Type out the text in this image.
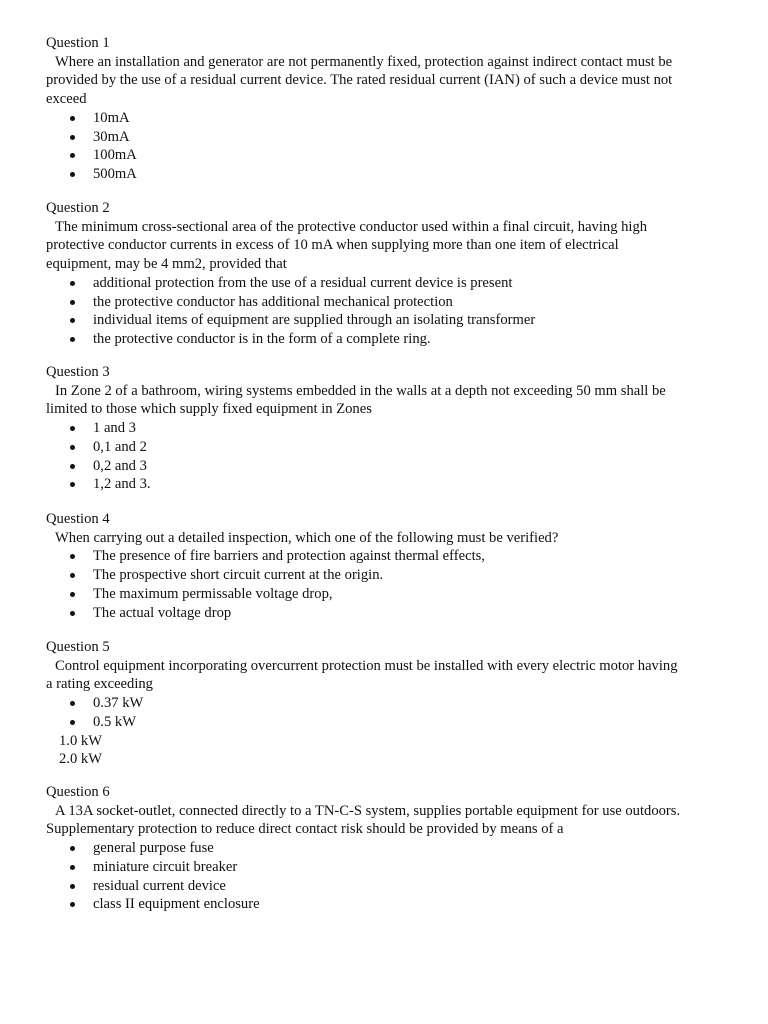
Question 1
Where an installation and generator are not permanently fixed, protection against indirect contact must be
provided by the use of a residual current device. The rated residual current (IAN) of such a device must not
exceed
10mA
30mA
100mA
500mA
Question 2
The minimum cross-sectional area of the protective conductor used within a final circuit, having high
protective conductor currents in excess of 10 mA when supplying more than one item of electrical
equipment, may be 4 mm2, provided that
additional protection from the use of a residual current device is present
the protective conductor has additional mechanical protection
individual items of equipment are supplied through an isolating transformer
the protective conductor is in the form of a complete ring.
Question 3
In Zone 2 of a bathroom, wiring systems embedded in the walls at a depth not exceeding 50 mm shall be
limited to those which supply fixed equipment in Zones
1 and 3
0,1 and 2
0,2 and 3
1,2 and 3.
Question 4
When carrying out a detailed inspection, which one of the following must be verified?
The presence of fire barriers and protection against thermal effects,
The prospective short circuit current at the origin.
The maximum permissable voltage drop,
The actual voltage drop
Question 5
Control equipment incorporating overcurrent protection must be installed with every electric motor having
a rating exceeding
0.37 kW
0.5 kW
1.0 kW
2.0 kW
Question 6
A 13A socket-outlet, connected directly to a TN-C-S system, supplies portable equipment for use outdoors.
Supplementary protection to reduce direct contact risk should be provided by means of a
general purpose fuse
miniature circuit breaker
residual current device
class II equipment enclosure
